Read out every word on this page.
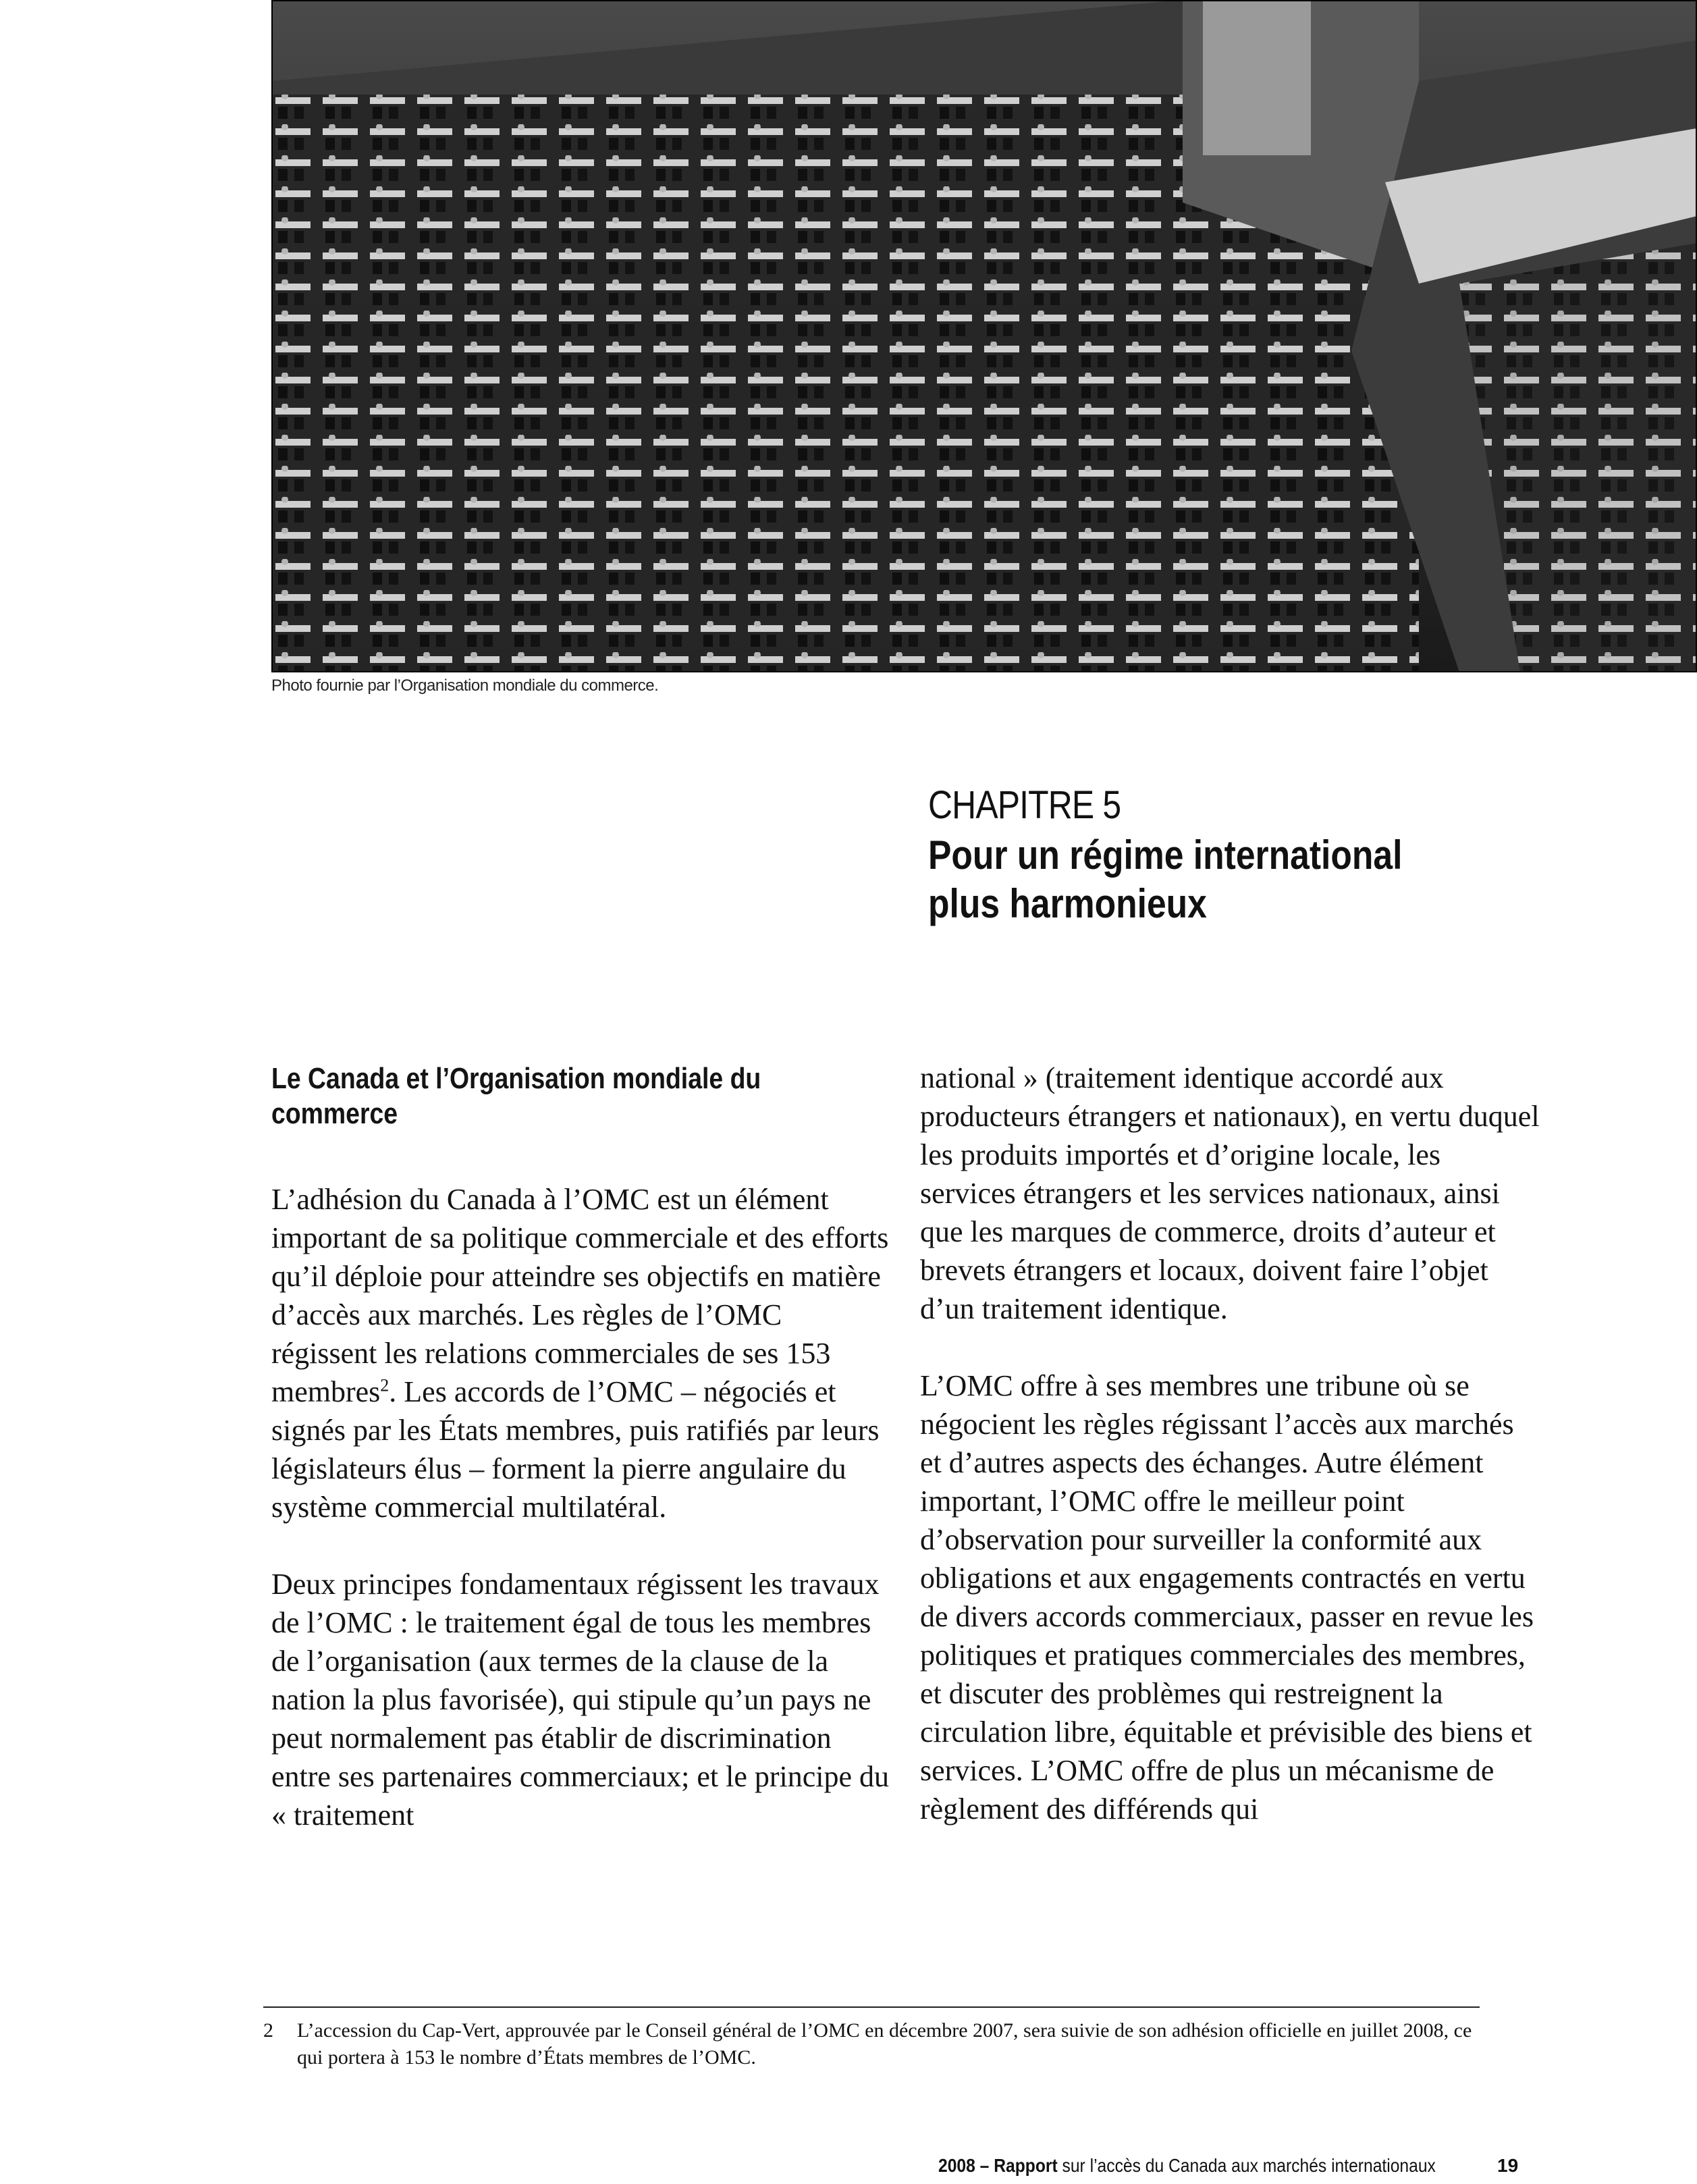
Photo fournie par l’Organisation mondiale du commerce.
CHAPITRE 5
Pour un régime international
plus harmonieux
Le Canada et l’Organisation mondiale du
commerce

L’adhésion du Canada à l’OMC est un élément important de sa politique commerciale et des efforts qu’il déploie pour atteindre ses objectifs en matière d’accès aux marchés. Les règles de l’OMC régissent les relations commerciales de ses 153 membres$^2$. Les accords de l’OMC – négociés et signés par les États membres, puis ratifiés par leurs législateurs élus – forment la pierre angulaire du système commercial multilatéral.

Deux principes fondamentaux régissent les travaux de l’OMC : le traitement égal de tous les membres de l’organisation (aux termes de la clause de la nation la plus favorisée), qui stipule qu’un pays ne peut normalement pas établir de discrimination entre ses partenaires commerciaux; et le principe du « traitement

national » (traitement identique accordé aux producteurs étrangers et nationaux), en vertu duquel les produits importés et d’origine locale, les services étrangers et les services nationaux, ainsi que les marques de commerce, droits d’auteur et brevets étrangers et locaux, doivent faire l’objet d’un traitement identique.

L’OMC offre à ses membres une tribune où se négocient les règles régissant l’accès aux marchés et d’autres aspects des échanges. Autre élément important, l’OMC offre le meilleur point d’observation pour surveiller la conformité aux obligations et aux engagements contractés en vertu de divers accords commerciaux, passer en revue les politiques et pratiques commerciales des membres, et discuter des problèmes qui restreignent la circulation libre, équitable et prévisible des biens et services. L’OMC offre de plus un mécanisme de règlement des différends qui

2 L’accession du Cap-Vert, approuvée par le Conseil général de l’OMC en décembre 2007, sera suivie de son adhésion officielle en juillet 2008, ce qui portera à 153 le nombre d’États membres de l’OMC.
2008 – Rapport sur l’accès du Canada aux marchés internationaux	19
